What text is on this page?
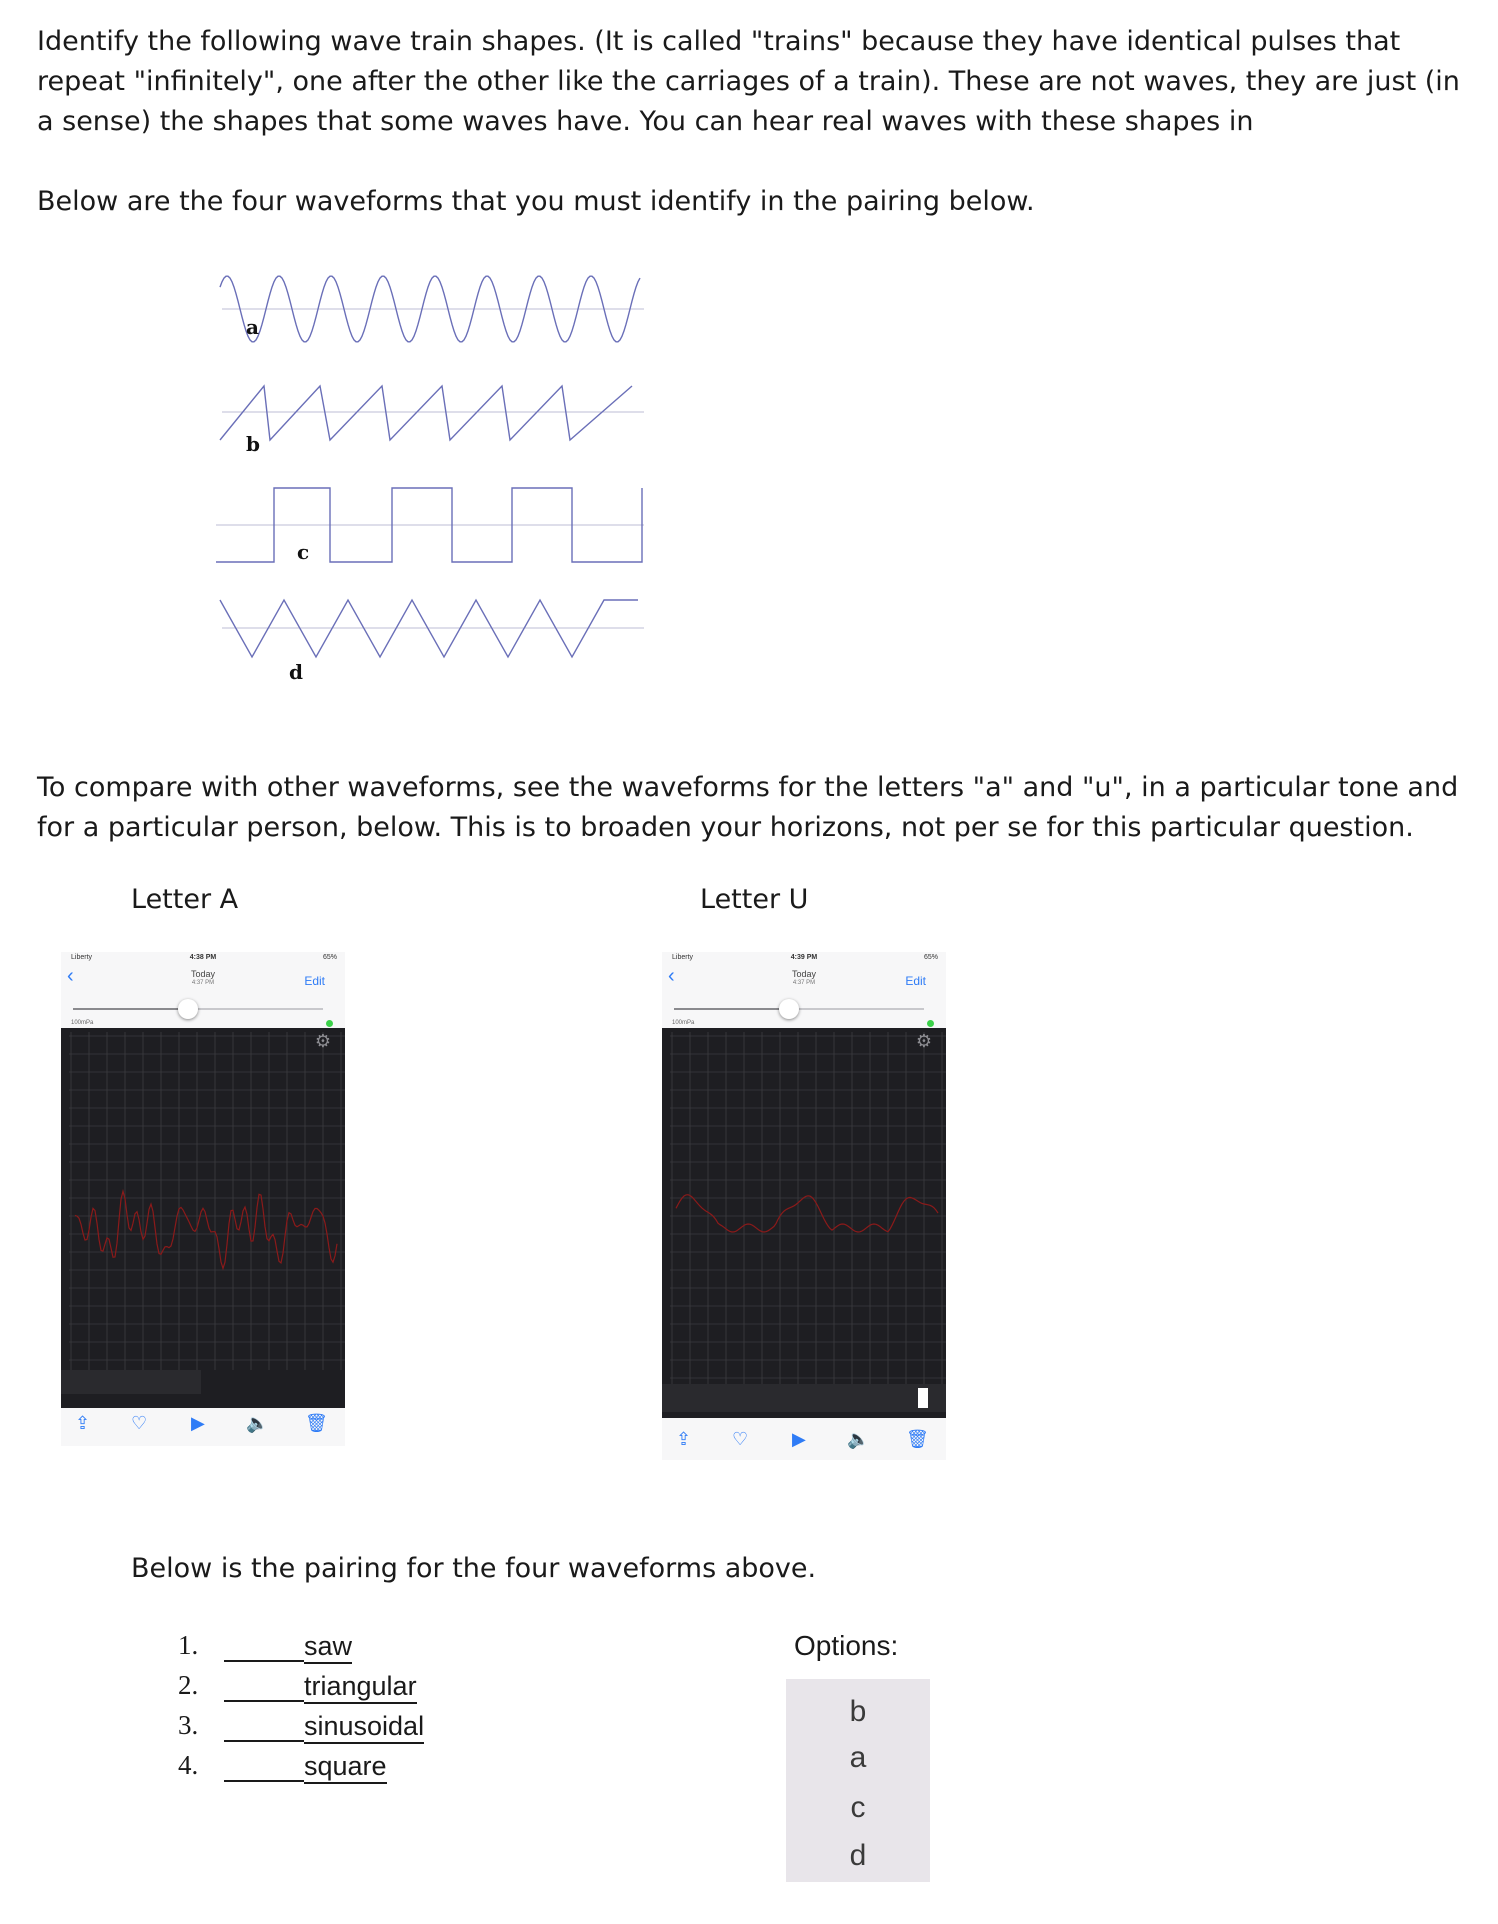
Identify the following wave train shapes. (It is called "trains" because they have identical pulses that repeat "infinitely", one after the other like the carriages of a train). These are not waves, they are just (in a sense) the shapes that some waves have. You can hear real waves with these shapes in

Below are the four waveforms that you must identify in the pairing below.

a
b
c
d

To compare with other waveforms, see the waveforms for the letters "a" and "u", in a particular tone and for a particular person, below. This is to broaden your horizons, not per se for this particular question.

Letter A	Letter U
Liberty	4:38 PM	65%
‹	Today
4:37 PM	Edit
100mPa
⚙
⇪ ♡ ▶ 🔈 🗑
Liberty	4:39 PM	65%
‹	Today
4:37 PM	Edit
100mPa
⚙
⇪ ♡ ▶ 🔈 🗑
Below is the pairing for the four waveforms above.
1.	saw
2.	triangular
3.	sinusoidal
4.	square
Options:
b
a
c
d
